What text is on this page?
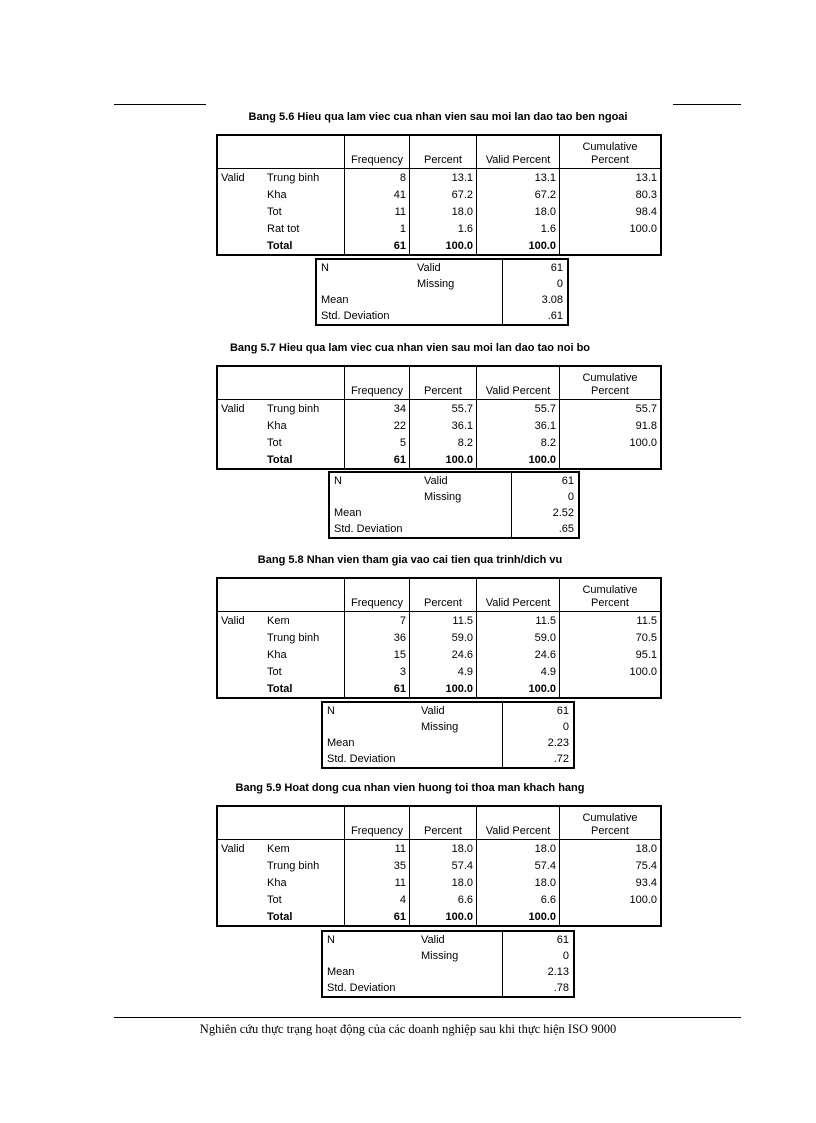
Bang 5.6 Hieu qua lam viec cua nhan vien sau moi lan dao tao ben ngoai
		Frequency	Percent	Valid Percent	Cumulative
Percent
Valid	Trung binh	8	13.1	13.1	13.1
	Kha	41	67.2	67.2	80.3
	Tot	11	18.0	18.0	98.4
	Rat tot	1	1.6	1.6	100.0
	Total	61	100.0	100.0	
N	Valid	61
	Missing	0
Mean		3.08
Std. Deviation		.61
Bang 5.7 Hieu qua lam viec cua nhan vien sau moi lan dao tao noi bo
		Frequency	Percent	Valid Percent	Cumulative
Percent
Valid	Trung binh	34	55.7	55.7	55.7
	Kha	22	36.1	36.1	91.8
	Tot	5	8.2	8.2	100.0
	Total	61	100.0	100.0	
N	Valid	61
	Missing	0
Mean		2.52
Std. Deviation		.65
Bang 5.8 Nhan vien tham gia vao cai tien qua trinh/dich vu
		Frequency	Percent	Valid Percent	Cumulative
Percent
Valid	Kem	7	11.5	11.5	11.5
	Trung binh	36	59.0	59.0	70.5
	Kha	15	24.6	24.6	95.1
	Tot	3	4.9	4.9	100.0
	Total	61	100.0	100.0	
N	Valid	61
	Missing	0
Mean		2.23
Std. Deviation		.72
Bang 5.9 Hoat dong cua nhan vien huong toi thoa man khach hang
		Frequency	Percent	Valid Percent	Cumulative
Percent
Valid	Kem	11	18.0	18.0	18.0
	Trung binh	35	57.4	57.4	75.4
	Kha	11	18.0	18.0	93.4
	Tot	4	6.6	6.6	100.0
	Total	61	100.0	100.0	
N	Valid	61
	Missing	0
Mean		2.13
Std. Deviation		.78
Nghiên cứu thực trạng hoạt động của các doanh nghiệp sau khi thực hiện ISO 9000
